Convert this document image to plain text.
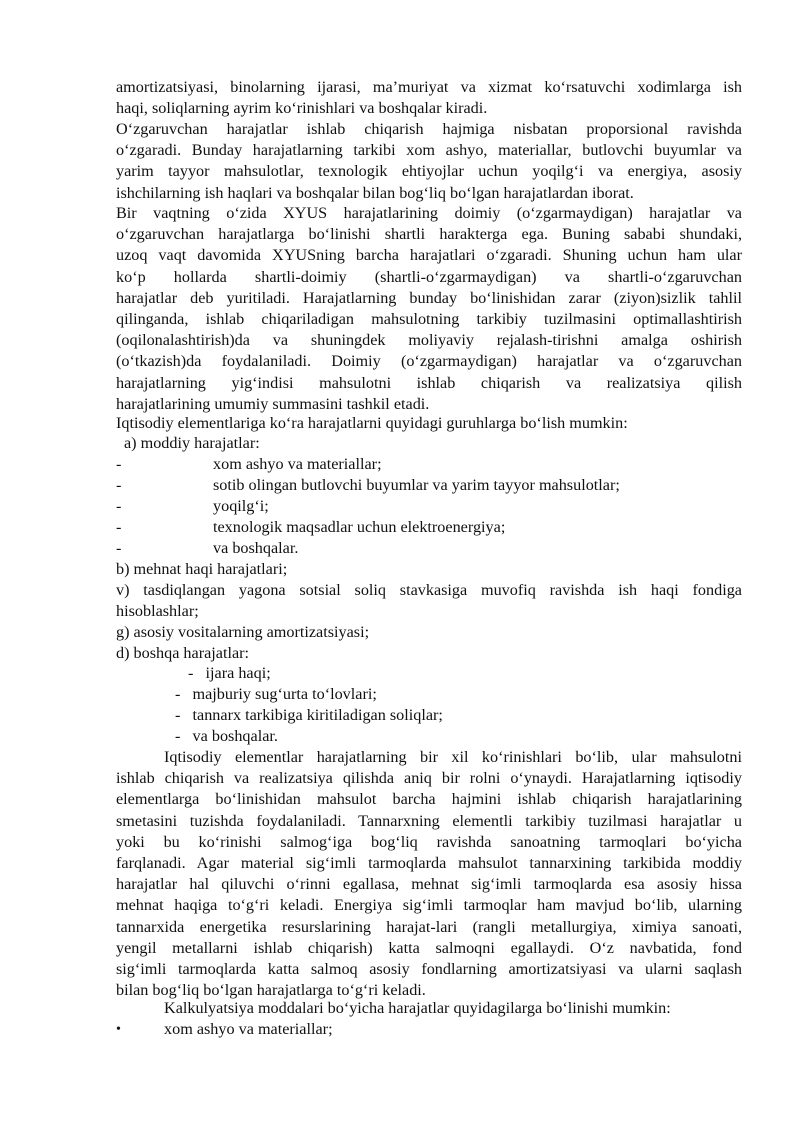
amortizatsiyasi, binolarning ijarasi, ma’muriyat va xizmat ko‘rsatuvchi xodimlarga ish
haqi, soliqlarning ayrim ko‘rinishlari va boshqalar kiradi.
O‘zgaruvchan harajatlar ishlab chiqarish hajmiga nisbatan proporsional ravishda
o‘zgaradi. Bunday harajatlarning tarkibi xom ashyo, materiallar, butlovchi buyumlar va
yarim tayyor mahsulotlar, texnologik ehtiyojlar uchun yoqilg‘i va energiya, asosiy
ishchilarning ish haqlari va boshqalar bilan bog‘liq bo‘lgan harajatlardan iborat.
Bir vaqtning o‘zida XYUS harajatlarining doimiy (o‘zgarmaydigan) harajatlar va
o‘zgaruvchan harajatlarga bo‘linishi shartli harakterga ega. Buning sababi shundaki,
uzoq vaqt davomida XYUSning barcha harajatlari o‘zgaradi. Shuning uchun ham ular
ko‘p hollarda shartli-doimiy (shartli-o‘zgarmaydigan) va shartli-o‘zgaruvchan
harajatlar deb yuritiladi. Harajatlarning bunday bo‘linishidan zarar (ziyon)sizlik tahlil
qilinganda, ishlab chiqariladigan mahsulotning tarkibiy tuzilmasini optimallashtirish
(oqilonalashtirish)da va shuningdek moliyaviy rejalash-tirishni amalga oshirish
(o‘tkazish)da foydalaniladi. Doimiy (o‘zgarmaydigan) harajatlar va o‘zgaruvchan
harajatlarning yig‘indisi mahsulotni ishlab chiqarish va realizatsiya qilish
harajatlarining umumiy summasini tashkil etadi.
Iqtisodiy elementlariga ko‘ra harajatlarni quyidagi guruhlarga bo‘lish mumkin:
a) moddiy harajatlar:
-	xom ashyo va materiallar;
-	sotib olingan butlovchi buyumlar va yarim tayyor mahsulotlar;
-	yoqilg‘i;
-	texnologik maqsadlar uchun elektroenergiya;
-	va boshqalar.
b) mehnat haqi harajatlari;
v) tasdiqlangan yagona sotsial soliq stavkasiga muvofiq ravishda ish haqi fondiga
hisoblashlar;
g) asosiy vositalarning amortizatsiyasi;
d) boshqa harajatlar:
- ijara haqi;
- majburiy sug‘urta to‘lovlari;
- tannarx tarkibiga kiritiladigan soliqlar;
- va boshqalar.
Iqtisodiy elementlar harajatlarning bir xil ko‘rinishlari bo‘lib, ular mahsulotni
ishlab chiqarish va realizatsiya qilishda aniq bir rolni o‘ynaydi. Harajatlarning iqtisodiy
elementlarga bo‘linishidan mahsulot barcha hajmini ishlab chiqarish harajatlarining
smetasini tuzishda foydalaniladi. Tannarxning elementli tarkibiy tuzilmasi harajatlar u
yoki bu ko‘rinishi salmog‘iga bog‘liq ravishda sanoatning tarmoqlari bo‘yicha
farqlanadi. Agar material sig‘imli tarmoqlarda mahsulot tannarxining tarkibida moddiy
harajatlar hal qiluvchi o‘rinni egallasa, mehnat sig‘imli tarmoqlarda esa asosiy hissa
mehnat haqiga to‘g‘ri keladi. Energiya sig‘imli tarmoqlar ham mavjud bo‘lib, ularning
tannarxida energetika resurslarining harajat-lari (rangli metallurgiya, ximiya sanoati,
yengil metallarni ishlab chiqarish) katta salmoqni egallaydi. O‘z navbatida, fond
sig‘imli tarmoqlarda katta salmoq asosiy fondlarning amortizatsiyasi va ularni saqlash
bilan bog‘liq bo‘lgan harajatlarga to‘g‘ri keladi.
Kalkulyatsiya moddalari bo‘yicha harajatlar quyidagilarga bo‘linishi mumkin:
•	xom ashyo va materiallar;
